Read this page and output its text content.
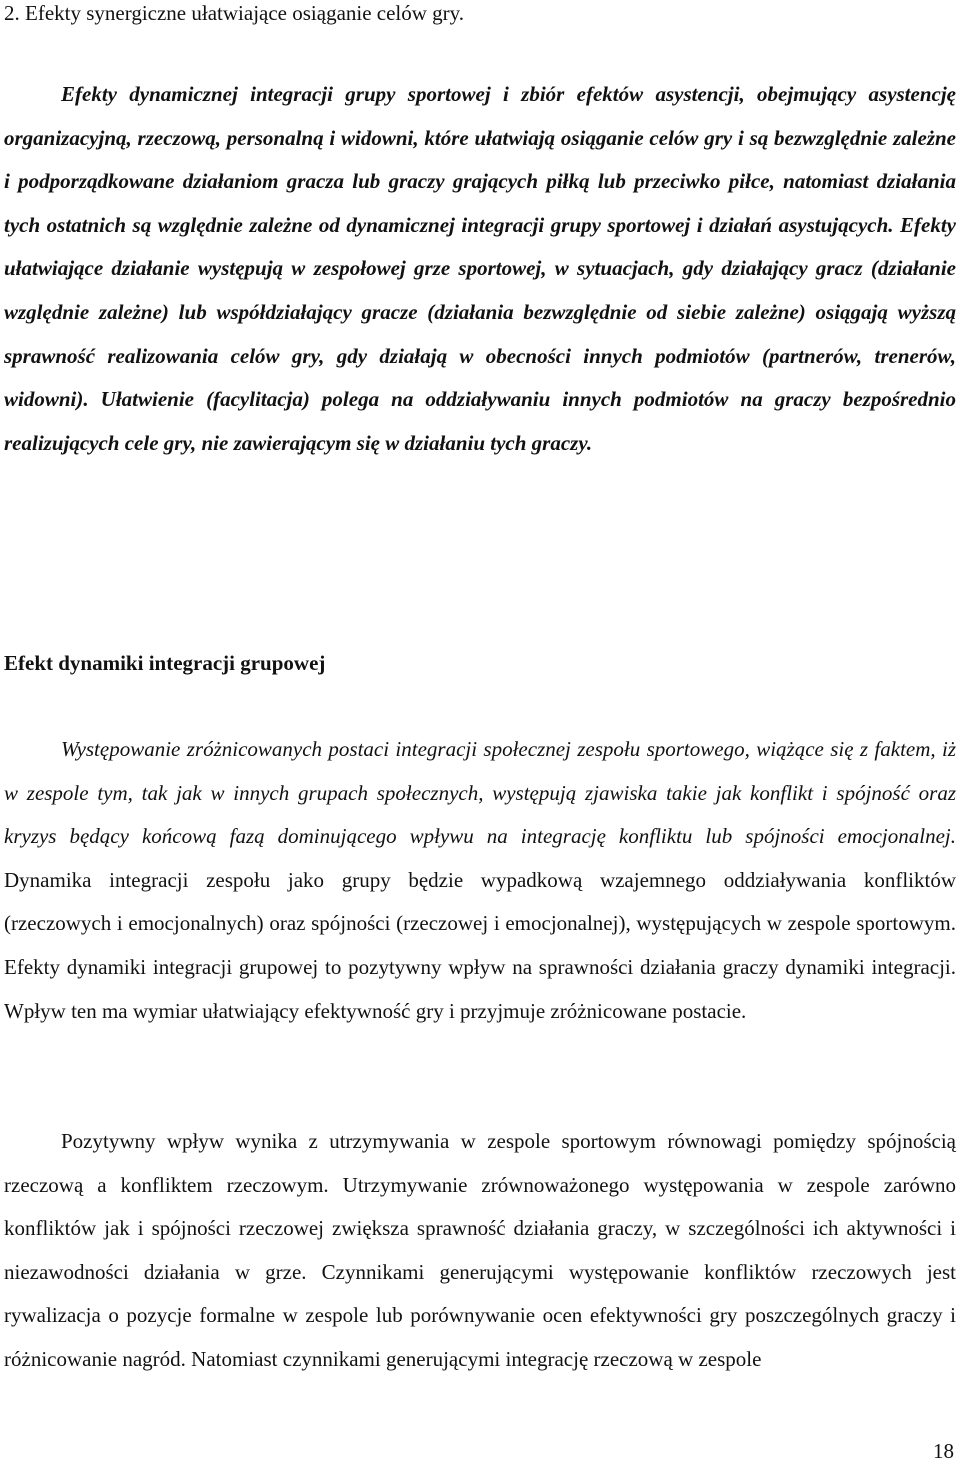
2. Efekty synergiczne ułatwiające osiąganie celów gry.

Efekty dynamicznej integracji grupy sportowej i zbiór efektów asystencji, obejmujący asystencję organizacyjną, rzeczową, personalną i widowni, które ułatwiają osiąganie celów gry i są bezwzględnie zależne i podporządkowane działaniom gracza lub graczy grających piłką lub przeciwko piłce, natomiast działania tych ostatnich są względnie zależne od dynamicznej integracji grupy sportowej i działań asystujących. Efekty ułatwiające działanie występują w zespołowej grze sportowej, w sytuacjach, gdy działający gracz (działanie względnie zależne) lub współdziałający gracze (działania bezwzględnie od siebie zależne) osiągają wyższą sprawność realizowania celów gry, gdy działają w obecności innych podmiotów (partnerów, trenerów, widowni). Ułatwienie (facylitacja) polega na oddziaływaniu innych podmiotów na graczy bezpośrednio realizujących cele gry, nie zawierającym się w działaniu tych graczy.

Efekt dynamiki integracji grupowej

Występowanie zróżnicowanych postaci integracji społecznej zespołu sportowego, wiążące się z faktem, iż w zespole tym, tak jak w innych grupach społecznych, występują zjawiska takie jak konflikt i spójność oraz kryzys będący końcową fazą dominującego wpływu na integrację konfliktu lub spójności emocjonalnej. Dynamika integracji zespołu jako grupy będzie wypadkową wzajemnego oddziaływania konfliktów (rzeczowych i emocjonalnych) oraz spójności (rzeczowej i emocjonalnej), występujących w zespole sportowym. Efekty dynamiki integracji grupowej to pozytywny wpływ na sprawności działania graczy dynamiki integracji. Wpływ ten ma wymiar ułatwiający efektywność gry i przyjmuje zróżnicowane postacie.

Pozytywny wpływ wynika z utrzymywania w zespole sportowym równowagi pomiędzy spójnością rzeczową a konfliktem rzeczowym. Utrzymywanie zrównoważonego występowania w zespole zarówno konfliktów jak i spójności rzeczowej zwiększa sprawność działania graczy, w szczególności ich aktywności i niezawodności działania w grze. Czynnikami generującymi występowanie konfliktów rzeczowych jest rywalizacja o pozycje formalne w zespole lub porównywanie ocen efektywności gry poszczególnych graczy i różnicowanie nagród. Natomiast czynnikami generującymi integrację rzeczową w zespole

18
